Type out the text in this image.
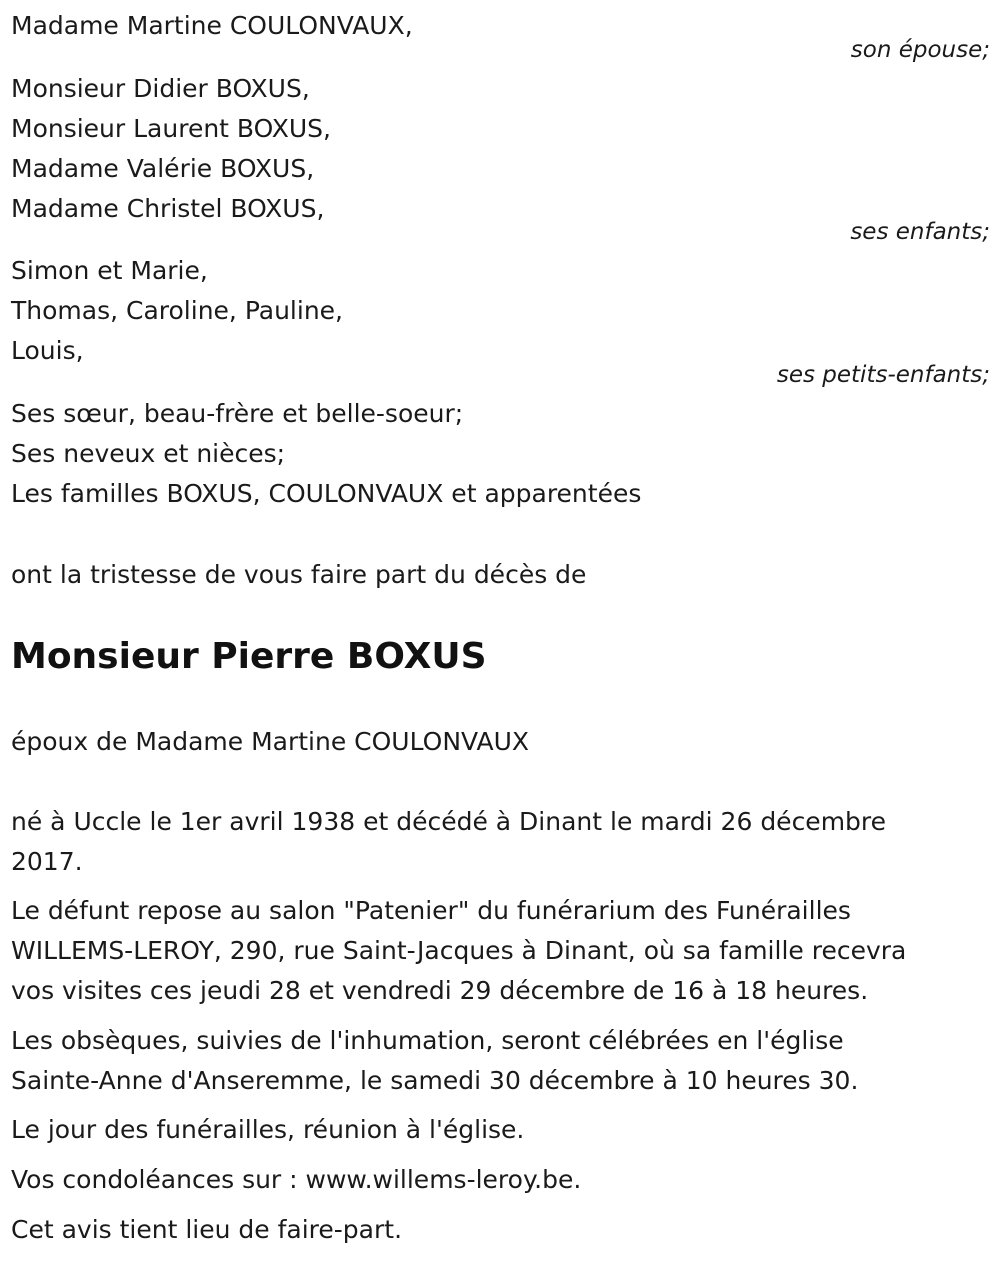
Madame Martine COULONVAUX,
son épouse;
Monsieur Didier BOXUS,
Monsieur Laurent BOXUS,
Madame Valérie BOXUS,
Madame Christel BOXUS,
ses enfants;
Simon et Marie,
Thomas, Caroline, Pauline,
Louis,
ses petits-enfants;
Ses sœur, beau-frère et belle-soeur;
Ses neveux et nièces;
Les familles BOXUS, COULONVAUX et apparentées
ont la tristesse de vous faire part du décès de
Monsieur Pierre BOXUS
époux de Madame Martine COULONVAUX
né à Uccle le 1er avril 1938 et décédé à Dinant le mardi 26 décembre
2017.
Le défunt repose au salon "Patenier" du funérarium des Funérailles
WILLEMS-LEROY, 290, rue Saint-Jacques à Dinant, où sa famille recevra
vos visites ces jeudi 28 et vendredi 29 décembre de 16 à 18 heures.
Les obsèques, suivies de l'inhumation, seront célébrées en l'église
Sainte-Anne d'Anseremme, le samedi 30 décembre à 10 heures 30.
Le jour des funérailles, réunion à l'église.
Vos condoléances sur : www.willems-leroy.be.
Cet avis tient lieu de faire-part.
